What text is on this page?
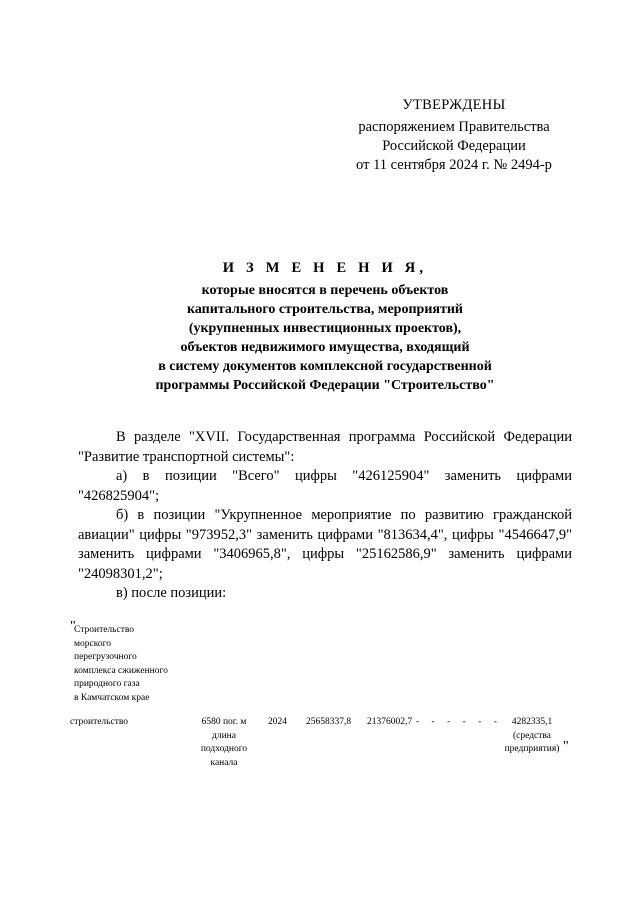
УТВЕРЖДЕНЫ
распоряжением Правительства
Российской Федерации
от 11 сентября 2024 г. № 2494-р
И З М Е Н Е Н И Я,
которые вносятся в перечень объектов
капитального строительства, мероприятий
(укрупненных инвестиционных проектов),
объектов недвижимого имущества, входящий
в систему документов комплексной государственной
программы Российской Федерации "Строительство"

В разделе "XVII. Государственная программа Российской Федерации "Развитие транспортной системы":

а) в позиции "Всего" цифры "426125904" заменить цифрами "426825904";

б) в позиции "Укрупненное мероприятие по развитию гражданской авиации" цифры "973952,3" заменить цифрами "813634,4", цифры "4546647,9" заменить цифрами "3406965,8", цифры "25162586,9" заменить цифрами "24098301,2";

в) после позиции:

"
Строительство
морского
перегрузочного
комплекса сжиженного
природного газа
в Камчатском крае
строительство	6580 пог. м
длина
подходного
канала
2024 25658337,8 21376002,7 - - - - - -	4282335,1
(средства
предприятия) "
